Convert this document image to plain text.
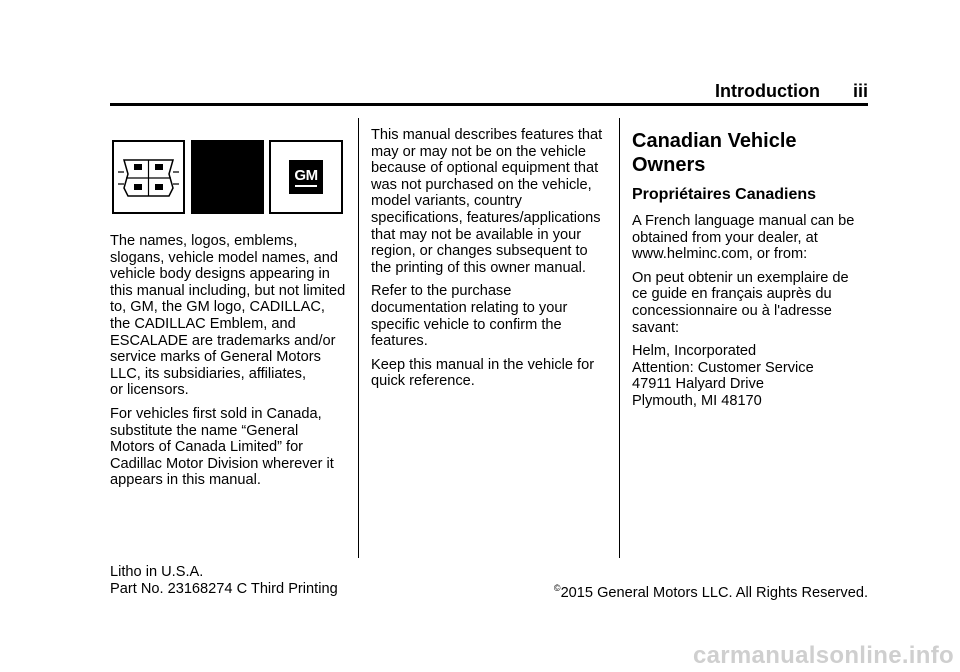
Introduction iii
GM

The names, logos, emblems,
slogans, vehicle model names, and
vehicle body designs appearing in
this manual including, but not limited
to, GM, the GM logo, CADILLAC,
the CADILLAC Emblem, and
ESCALADE are trademarks and/or
service marks of General Motors
LLC, its subsidiaries, affiliates,
or licensors.

For vehicles first sold in Canada,
substitute the name “General
Motors of Canada Limited” for
Cadillac Motor Division wherever it
appears in this manual.

This manual describes features that
may or may not be on the vehicle
because of optional equipment that
was not purchased on the vehicle,
model variants, country
specifications, features/applications
that may not be available in your
region, or changes subsequent to
the printing of this owner manual.

Refer to the purchase
documentation relating to your
specific vehicle to confirm the
features.

Keep this manual in the vehicle for
quick reference.

Canadian Vehicle Owners
Propriétaires Canadiens

A French language manual can be
obtained from your dealer, at
www.helminc.com, or from:

On peut obtenir un exemplaire de
ce guide en français auprès du
concessionnaire ou à l'adresse
savant:

Helm, Incorporated
Attention: Customer Service
47911 Halyard Drive
Plymouth, MI 48170

Litho in U.S.A.
Part No. 23168274 C Third Printing	©2015 General Motors LLC. All Rights Reserved.
carmanualsonline.info
